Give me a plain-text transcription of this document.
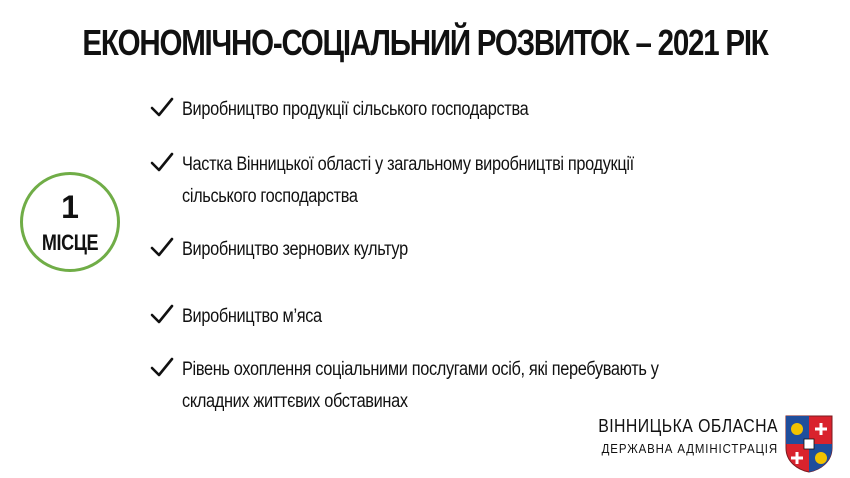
ЕКОНОМІЧНО-СОЦІАЛЬНИЙ РОЗВИТОК – 2021 РІК
1
МІСЦЕ
Виробництво продукції сільського господарства
Частка Вінницької області у загальному виробництві продукції
сільського господарства
Виробництво зернових культур
Виробництво м’яса
Рівень охоплення соціальними послугами осіб, які перебувають у
складних життєвих обставинах
ВІННИЦЬКА ОБЛАСНА
ДЕРЖАВНА АДМІНІСТРАЦІЯ
